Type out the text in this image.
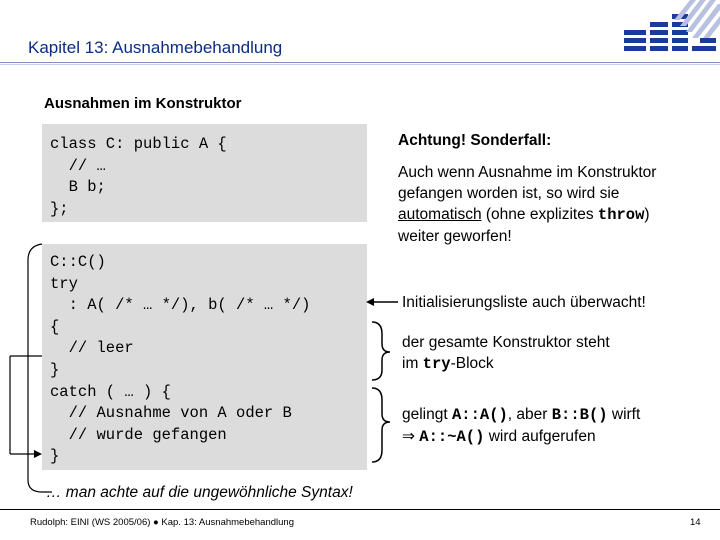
Kapitel 13: Ausnahmebehandlung
Ausnahmen im Konstruktor
class C: public A {
// …
B b;
};
C::C()
try
: A( /* … */), b( /* … */)
{
// leer
}
catch ( … ) {
// Ausnahme von A oder B
// wurde gefangen
}
Achtung! Sonderfall:
Auch wenn Ausnahme im Konstruktor
gefangen worden ist, so wird sie
automatisch (ohne explizites throw)
weiter geworfen!
Initialisierungsliste auch überwacht!
der gesamte Konstruktor steht
im try-Block
gelingt A::A(), aber B::B() wirft
⇒ A::~A() wird aufgerufen
… man achte auf die ungewöhnliche Syntax!
Rudolph: EINI (WS 2005/06) ● Kap. 13: Ausnahmebehandlung	14
